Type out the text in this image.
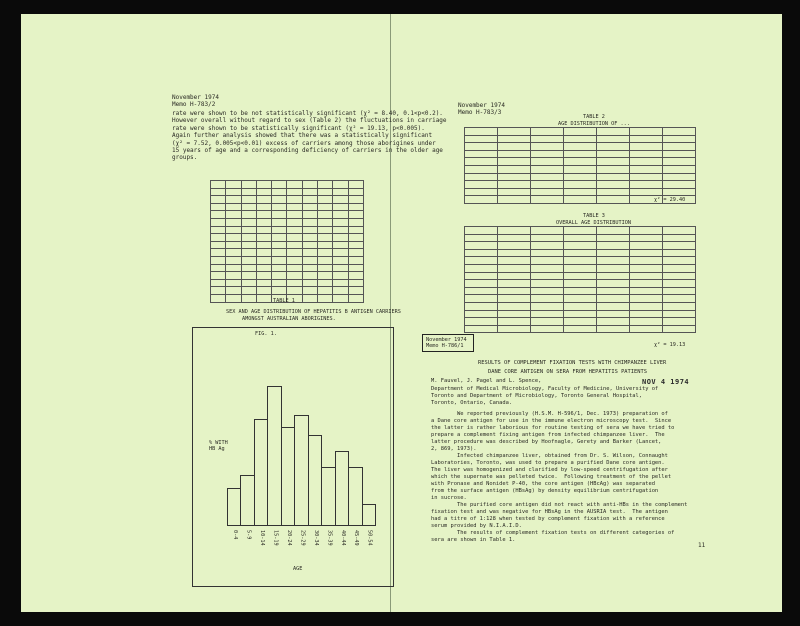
November 1974
Memo H-783/2
rate were shown to be not statistically significant (χ² = 8.40, 0.1<p<0.2).
However overall without regard to sex (Table 2) the fluctuations in carriage
rate were shown to be statistically significant (χ² = 19.13, p<0.005).
Again further analysis showed that there was a statistically significant
(χ² = 7.52, 0.005<p<0.01) excess of carriers among those aborigines under
15 years of age and a corresponding deficiency of carriers in the older age
groups.

TABLE 1
SEX AND AGE DISTRIBUTION OF HEPATITIS B ANTIGEN CARRIERS
AMONGST AUSTRALIAN ABORIGINES.
FIG. 1.
% WITH HB Ag
0-4 5-9 10-14 15-19 20-24 25-29 30-34 35-39 40-44 45-49 50-54
AGE
November 1974
Memo H-783/3
TABLE 2
AGE DISTRIBUTION OF ...

χ² = 29.40
TABLE 3
OVERALL AGE DISTRIBUTION

χ² = 19.13
November 1974
Memo H-786/1
RESULTS OF COMPLEMENT FIXATION TESTS WITH CHIMPANZEE LIVER
DANE CORE ANTIGEN ON SERA FROM HEPATITIS PATIENTS
NOV 4 1974
M. Fauvel, J. Pagel and L. Spence,
Department of Medical Microbiology, Faculty of Medicine, University of
Toronto and Department of Microbiology, Toronto General Hospital,
Toronto, Ontario, Canada.
We reported previously (H.S.M. H-596/1, Dec. 1973) preparation of
a Dane core antigen for use in the immune electron microscopy test.  Since
the latter is rather laborious for routine testing of sera we have tried to
prepare a complement fixing antigen from infected chimpanzee liver.  The
latter procedure was described by Hoofnagle, Gerety and Barker (Lancet,
2, 869, 1973).
Infected chimpanzee liver, obtained from Dr. S. Wilson, Connaught
Laboratories, Toronto, was used to prepare a purified Dane core antigen.
The liver was homogenized and clarified by low-speed centrifugation after
which the supernate was pelleted twice.  Following treatment of the pellet
with Pronase and Nonidet P-40, the core antigen (HBcAg) was separated
from the surface antigen (HBsAg) by density equilibrium centrifugation
in sucrose.
The purified core antigen did not react with anti-HBs in the complement
fixation test and was negative for HBsAg in the AUSRIA test.  The antigen
had a titre of 1:128 when tested by complement fixation with a reference
serum provided by N.I.A.I.D.
The results of complement fixation tests on different categories of
sera are shown in Table 1.
11
